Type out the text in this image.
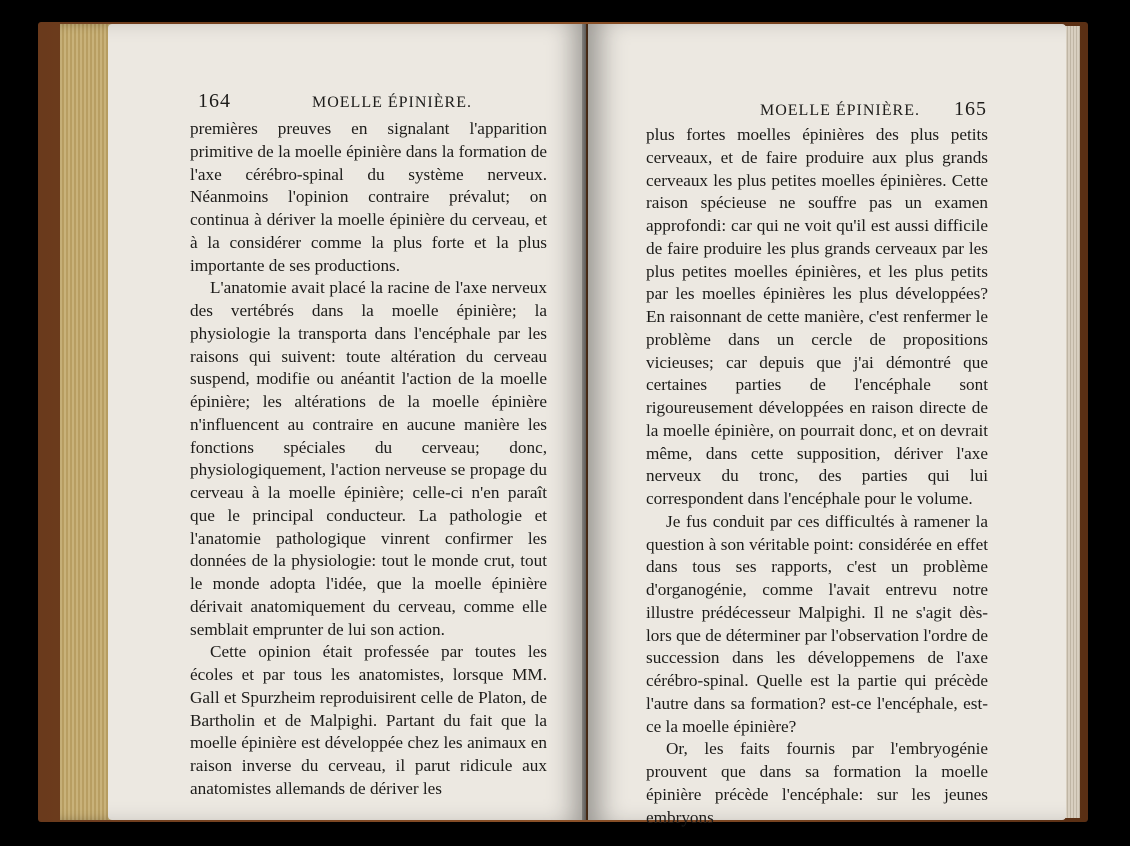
164	MOELLE ÉPINIÈRE.

premières preuves en signalant l'apparition primitive de la moelle épinière dans la formation de l'axe cérébro-spinal du système nerveux. Néanmoins l'opinion contraire prévalut; on continua à dériver la moelle épinière du cerveau, et à la considérer comme la plus forte et la plus importante de ses productions.

L'anatomie avait placé la racine de l'axe nerveux des vertébrés dans la moelle épinière; la physiologie la transporta dans l'encéphale par les raisons qui suivent: toute altération du cerveau suspend, modifie ou anéantit l'action de la moelle épinière; les altérations de la moelle épinière n'influencent au contraire en aucune manière les fonctions spéciales du cerveau; donc, physiologiquement, l'action nerveuse se propage du cerveau à la moelle épinière; celle-ci n'en paraît que le principal conducteur. La pathologie et l'anatomie pathologique vinrent confirmer les données de la physiologie: tout le monde crut, tout le monde adopta l'idée, que la moelle épinière dérivait anatomiquement du cerveau, comme elle semblait emprunter de lui son action.

Cette opinion était professée par toutes les écoles et par tous les anatomistes, lorsque MM. Gall et Spurzheim reproduisirent celle de Platon, de Bartholin et de Malpighi. Partant du fait que la moelle épinière est développée chez les animaux en raison inverse du cerveau, il parut ridicule aux anatomistes allemands de dériver les

MOELLE ÉPINIÈRE. 165

plus fortes moelles épinières des plus petits cerveaux, et de faire produire aux plus grands cerveaux les plus petites moelles épinières. Cette raison spécieuse ne souffre pas un examen approfondi: car qui ne voit qu'il est aussi difficile de faire produire les plus grands cerveaux par les plus petites moelles épinières, et les plus petits par les moelles épinières les plus développées? En raisonnant de cette manière, c'est renfermer le problème dans un cercle de propositions vicieuses; car depuis que j'ai démontré que certaines parties de l'encéphale sont rigoureusement développées en raison directe de la moelle épinière, on pourrait donc, et on devrait même, dans cette supposition, dériver l'axe nerveux du tronc, des parties qui lui correspondent dans l'encéphale pour le volume.

Je fus conduit par ces difficultés à ramener la question à son véritable point: considérée en effet dans tous ses rapports, c'est un problème d'organogénie, comme l'avait entrevu notre illustre prédécesseur Malpighi. Il ne s'agit dès-lors que de déterminer par l'observation l'ordre de succession dans les développemens de l'axe cérébro-spinal. Quelle est la partie qui précède l'autre dans sa formation? est-ce l'encéphale, est-ce la moelle épinière?

Or, les faits fournis par l'embryogénie prouvent que dans sa formation la moelle épinière précède l'encéphale: sur les jeunes embryons
